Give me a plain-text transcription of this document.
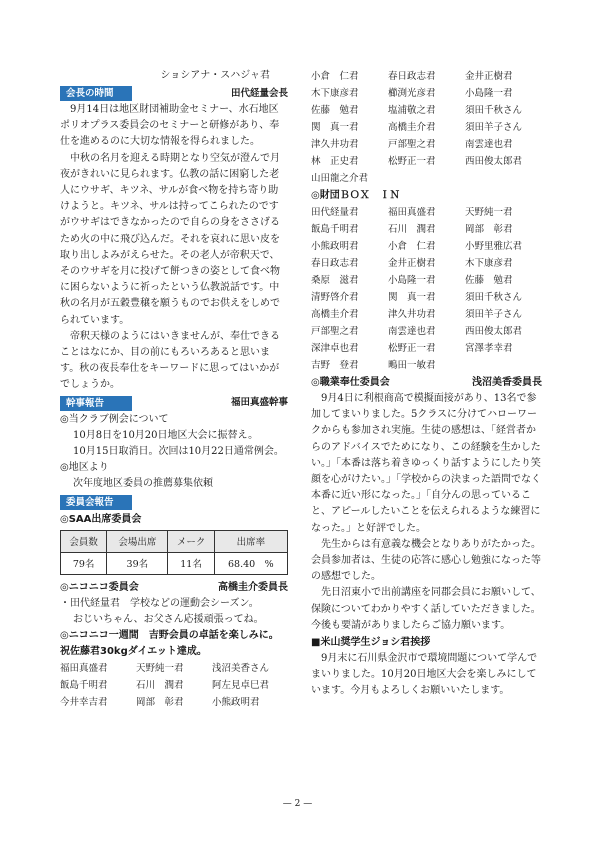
ショシアナ・スハジャ君
会長の時間	田代経量会長

9月14日は地区財団補助金セミナー、水石地区ポリオプラス委員会のセミナーと研修があり、奉仕を進めるのに大切な情報を得られました。

中秋の名月を迎える時期となり空気が澄んで月夜がきれいに見られます。仏教の話に困窮した老人にウサギ、キツネ、サルが食べ物を持ち寄り助けようと。キツネ、サルは持ってこられたのですがウサギはできなかったので自らの身をささげるため火の中に飛び込んだ。それを哀れに思い皮を取り出しよみがえらせた。その老人が帝釈天で、そのウサギを月に投げて餅つきの姿として食べ物に困らないように祈ったという仏教説話です。中秋の名月が五穀豊穣を願うものでお供えをしめでられています。

帝釈天様のようにはいきませんが、奉仕できることはなにか、目の前にもろいろあると思います。秋の夜長奉仕をキーワードに思ってはいかがでしょうか。

幹事報告	福田真盛幹事

◎当クラブ例会について

10月8日を10月20日地区大会に振替え。

10月15日取消日。次回は10月22日通常例会。

◎地区より

次年度地区委員の推薦募集依頼

委員会報告

◎SAA出席委員会

会員数	会場出席	メーク	出席率
79名	39名	11名	68.40　%
◎ニコニコ委員会	高橋圭介委員長

・田代経量君　学校などの運動会シーズン。

おじいちゃん、お父さん応援頑張ってね。

◎ニコニコ一週間　吉野会員の卓話を楽しみに。祝佐藤君30kgダイエット達成。

福田真盛君	天野純一君	浅沼美香さん
飯島千明君	石川　潤君	阿左見卓巳君
今井幸吉君	岡部　彰君	小熊政明君
小倉　仁君	春日政志君	金井正樹君
木下康彦君	櫛渕光彦君	小島隆一君
佐藤　勉君	塩浦敬之君	須田千秋さん
関　真一君	高橋圭介君	須田羊子さん
津久井功君	戸部聖之君	南雲達也君
林　正史君	松野正一君	西田俊太郎君
山田龍之介君

◎財団ＢＯＸ　ＩＮ

田代経量君	福田真盛君	天野純一君
飯島千明君	石川　潤君	岡部　彰君
小熊政明君	小倉　仁君	小野里雅広君
春日政志君	金井正樹君	木下康彦君
桑原　滋君	小島隆一君	佐藤　勉君
清野啓介君	関　真一君	須田千秋さん
高橋圭介君	津久井功君	須田羊子さん
戸部聖之君	南雲達也君	西田俊太郎君
深津卓也君	松野正一君	宮澤孝幸君
吉野　登君	鴫田一敏君
◎職業奉仕委員会	浅沼美香委員長

9月4日に利根商高で模擬面接があり、13名で参加してまいりました。5クラスに分けてハローワークからも参加され実施。生徒の感想は、「経営者からのアドバイスでためになり、この経験を生かしたい。」「本番は落ち着きゆっくり話すようにしたり笑顔を心がけたい。」「学校からの決まった語問でなく本番に近い形になった。」「自分んの思っていること、アピールしたいことを伝えられるような練習になった。」と好評でした。

先生からは有意義な機会となりありがたかった。会員参加者は、生徒の応答に感心し勉強になった等の感想でした。

先日沼東小で出前講座を同郡会員にお願いして、保険についてわかりやすく話していただきました。今後も要請がありましたらご協力願います。

■米山奨学生ジョシ君挨拶

9月末に石川県金沢市で環境問題について学んでまいりました。10月20日地区大会を楽しみにしています。今月もよろしくお願いいたします。

— 2 —
